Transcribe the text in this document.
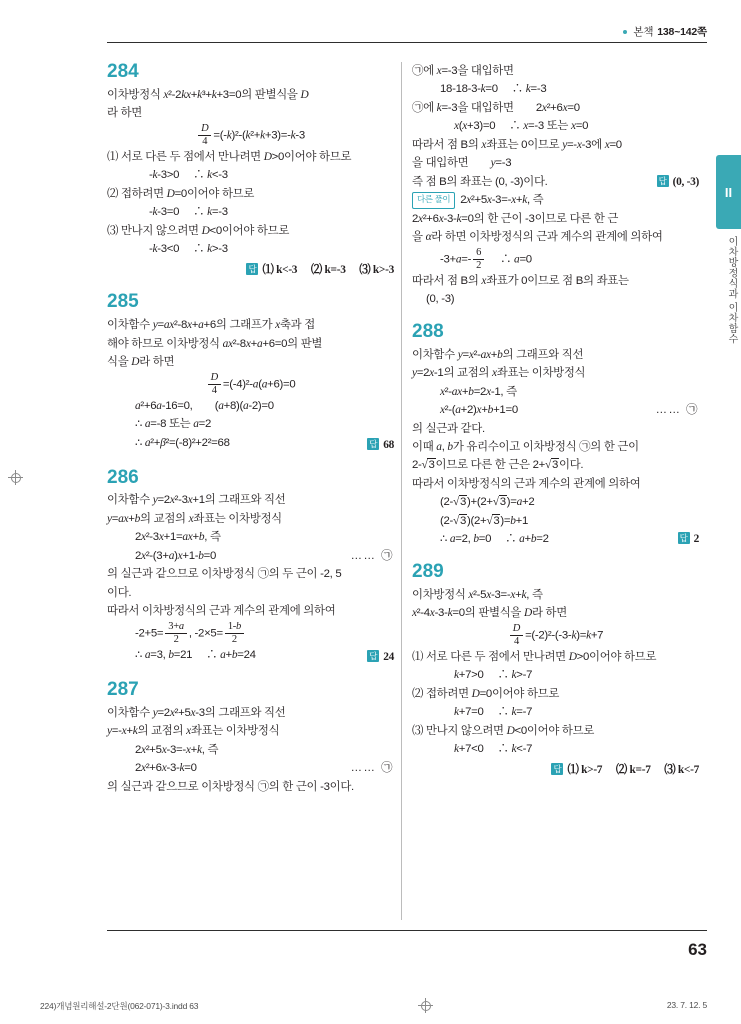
본책 138~142쪽
284

이차방정식 x²-2kx+k³+k+3=0의 판별식을 D

라 하면

$\frac{D}{4} =(-k)^2-(k^2+k+3)=-k-3$

⑴ 서로 다른 두 점에서 만나려면 D>0이어야 하므로

-k-3>0　 ∴ k<-3

⑵ 접하려면 D=0이어야 하므로

-k-3=0　 ∴ k=-3

⑶ 만나지 않으려면 D<0이어야 하므로

-k-3<0　 ∴ k>-3

답 ⑴ k<-3　 ⑵ k=-3　 ⑶ k>-3

285

이차함수 y=ax²-8x+a+6의 그래프가 x축과 접

해야 하므로 이차방정식 ax²-8x+a+6=0의 판별

식을 D라 하면

$\frac{D}{4} =(-4)^2-a(a+6)=0$

a²+6a-16=0,　　(a+8)(a-2)=0

∴ a=-8 또는 a=2

∴ a²+β²=(-8)²+2²=68	답 68

286

이차함수 y=2x²-3x+1의 그래프와 직선

y=ax+b의 교점의 x좌표는 이차방정식

2x²-3x+1=ax+b, 즉

2x²-(3+a)x+1-b=0	…… ㉠

의 실근과 같으므로 이차방정식 ㉠의 두 근이 -2, 5

이다.

따라서 이차방정식의 근과 계수의 관계에 의하여

$-2+5= \frac{3+a}{2}$ , $-2\times 5= \frac{1-b}{2}$

∴ a=3, b=21　 ∴ a+b=24	답 24

287

이차함수 y=2x²+5x-3의 그래프와 직선

y=-x+k의 교점의 x좌표는 이차방정식

2x²+5x-3=-x+k, 즉

2x²+6x-3-k=0	…… ㉠

의 실근과 같으므로 이차방정식 ㉠의 한 근이 -3이다.

㉠에 x=-3을 대입하면

18-18-3-k=0　 ∴ k=-3

㉠에 k=-3을 대입하면　　2x²+6x=0

x(x+3)=0　 ∴ x=-3 또는 x=0

따라서 점 B의 x좌표는 0이므로 y=-x-3에 x=0

을 대입하면　　y=-3

즉 점 B의 좌표는 (0, -3)이다.	답 (0, -3)

다른 풀이 2x²+5x-3=-x+k, 즉

2x²+6x-3-k=0의 한 근이 -3이므로 다른 한 근

을 α라 하면 이차방정식의 근과 계수의 관계에 의하여

$-3+a=- \frac{6}{2}$ 　 ∴ a=0

따라서 점 B의 x좌표가 0이므로 점 B의 좌표는

(0, -3)

288

이차함수 y=x²-ax+b의 그래프와 직선

y=2x-1의 교점의 x좌표는 이차방정식

x²-ax+b=2x-1, 즉

x²-(a+2)x+b+1=0	…… ㉠

의 실근과 같다.

이때 a, b가 유리수이고 이차방정식 ㉠의 한 근이

2-√3이므로 다른 한 근은 2+√3이다.

따라서 이차방정식의 근과 계수의 관계에 의하여

(2-√3)+(2+√3)=a+2

(2-√3)(2+√3)=b+1

∴ a=2, b=0　 ∴ a+b=2	답 2

289

이차방정식 x²-5x-3=-x+k, 즉

x²-4x-3-k=0의 판별식을 D라 하면

$\frac{D}{4} =(-2)^2-(-3-k)=k+7$

⑴ 서로 다른 두 점에서 만나려면 D>0이어야 하므로

k+7>0　 ∴ k>-7

⑵ 접하려면 D=0이어야 하므로

k+7=0　 ∴ k=-7

⑶ 만나지 않으려면 D<0이어야 하므로

k+7<0　 ∴ k<-7

답 ⑴ k>-7　 ⑵ k=-7　 ⑶ k<-7

II
이차방정식과 이차함수
63
224)개념원리해설-2단원(062-071)-3.indd 63	23. 7. 12. 5
